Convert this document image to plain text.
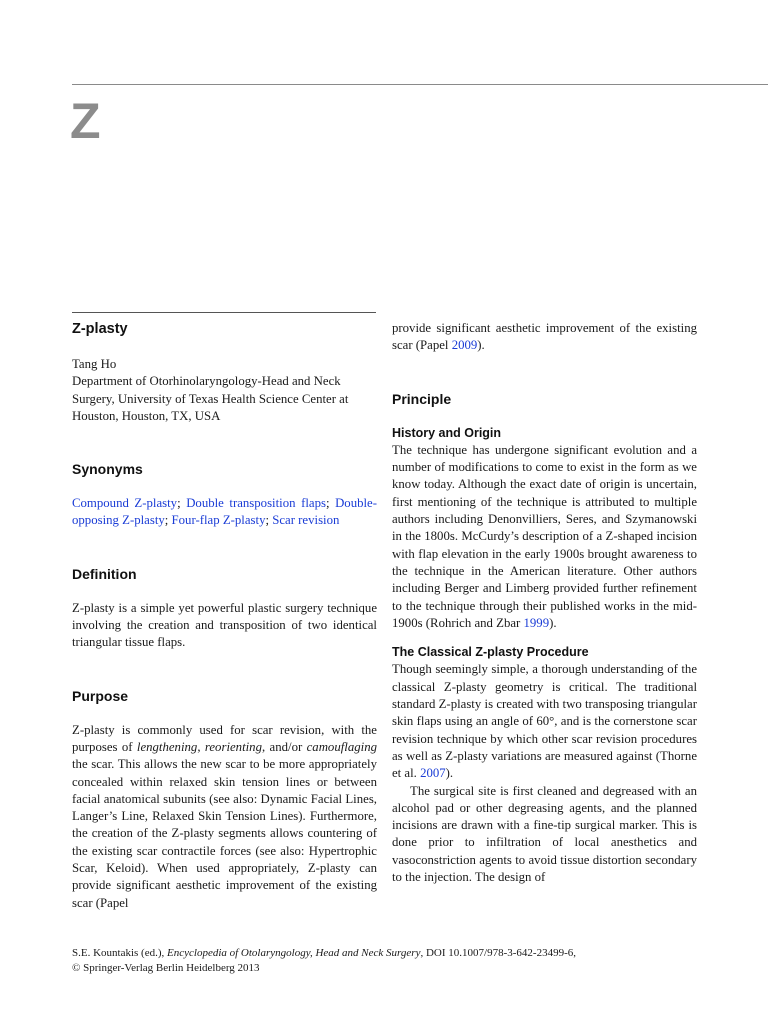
Z
Z-plasty
Tang Ho
Department of Otorhinolaryngology-Head and Neck
Surgery, University of Texas Health Science Center at
Houston, Houston, TX, USA
Synonyms

Compound Z-plasty; Double transposition flaps; Double-opposing Z-plasty; Four-flap Z-plasty; Scar revision

Definition

Z-plasty is a simple yet powerful plastic surgery technique involving the creation and transposition of two identical triangular tissue flaps.

Purpose

Z-plasty is commonly used for scar revision, with the purposes of lengthening, reorienting, and/or camouflaging the scar. This allows the new scar to be more appropriately concealed within relaxed skin tension lines or between facial anatomical subunits (see also: Dynamic Facial Lines, Langer’s Line, Relaxed Skin Tension Lines). Furthermore, the creation of the Z-plasty segments allows countering of the existing scar contractile forces (see also: Hypertrophic Scar, Keloid). When used appropriately, Z-plasty can provide significant aesthetic improvement of the existing scar (Papel

provide significant aesthetic improvement of the existing scar (Papel 2009).

Principle
History and Origin

The technique has undergone significant evolution and a number of modifications to come to exist in the form as we know today. Although the exact date of origin is uncertain, first mentioning of the technique is attributed to multiple authors including Denonvilliers, Seres, and Szymanowski in the 1800s. McCurdy’s description of a Z-shaped incision with flap elevation in the early 1900s brought awareness to the technique in the American literature. Other authors including Berger and Limberg provided further refinement to the technique through their published works in the mid-1900s (Rohrich and Zbar 1999).

The Classical Z-plasty Procedure

Though seemingly simple, a thorough understanding of the classical Z-plasty geometry is critical. The traditional standard Z-plasty is created with two transposing triangular skin flaps using an angle of 60°, and is the cornerstone scar revision technique by which other scar revision procedures as well as Z-plasty variations are measured against (Thorne et al. 2007).

The surgical site is first cleaned and degreased with an alcohol pad or other degreasing agents, and the planned incisions are drawn with a fine-tip surgical marker. This is done prior to infiltration of local anesthetics and vasoconstriction agents to avoid tissue distortion secondary to the injection. The design of

S.E. Kountakis (ed.), Encyclopedia of Otolaryngology, Head and Neck Surgery, DOI 10.1007/978-3-642-23499-6,
© Springer-Verlag Berlin Heidelberg 2013
